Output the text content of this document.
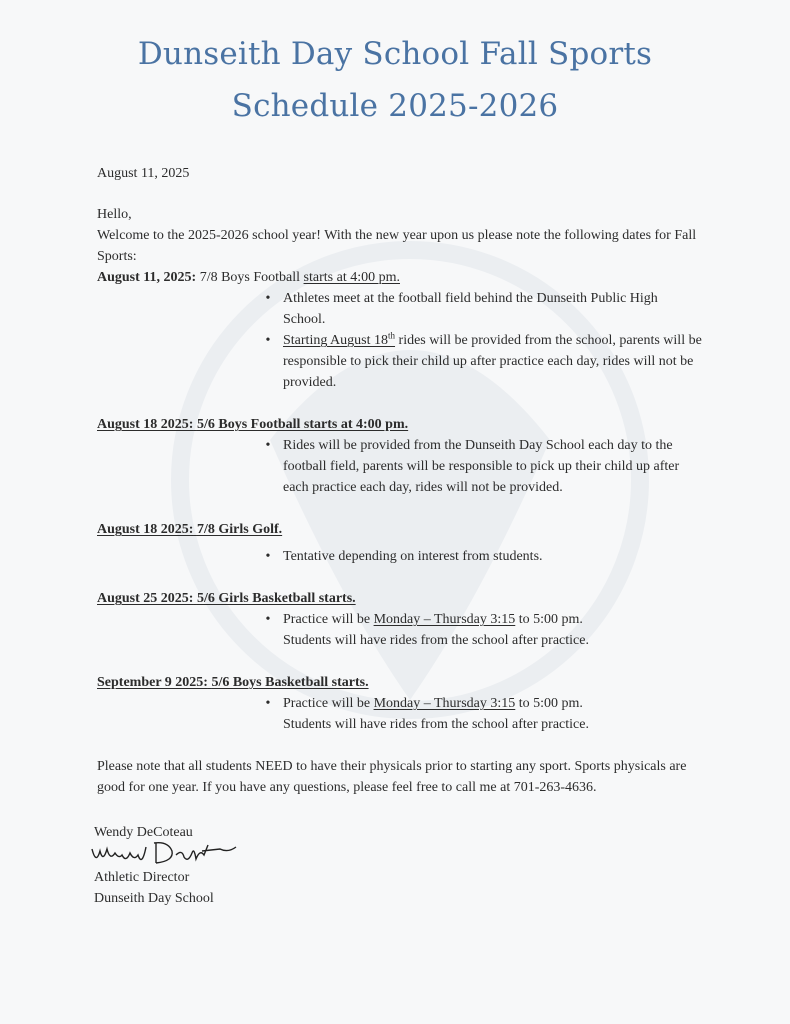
Dunseith Day School Fall Sports
Schedule 2025-2026
August 11, 2025
Hello,
Welcome to the 2025-2026 school year! With the new year upon us please note the following dates for Fall Sports:
August 11, 2025: 7/8 Boys Football starts at 4:00 pm.
• Athletes meet at the football field behind the Dunseith Public High School.
• Starting August 18th rides will be provided from the school, parents will be responsible to pick their child up after practice each day, rides will not be provided.
August 18 2025: 5/6 Boys Football starts at 4:00 pm.
• Rides will be provided from the Dunseith Day School each day to the football field, parents will be responsible to pick up their child up after each practice each day, rides will not be provided.
August 18 2025: 7/8 Girls Golf.
• Tentative depending on interest from students.
August 25 2025: 5/6 Girls Basketball starts.
• Practice will be Monday – Thursday 3:15 to 5:00 pm.
Students will have rides from the school after practice.
September 9 2025: 5/6 Boys Basketball starts.
• Practice will be Monday – Thursday 3:15 to 5:00 pm.
Students will have rides from the school after practice.
Please note that all students NEED to have their physicals prior to starting any sport. Sports physicals are good for one year. If you have any questions, please feel free to call me at 701-263-4636.
Wendy DeCoteau
Athletic Director
Dunseith Day School
